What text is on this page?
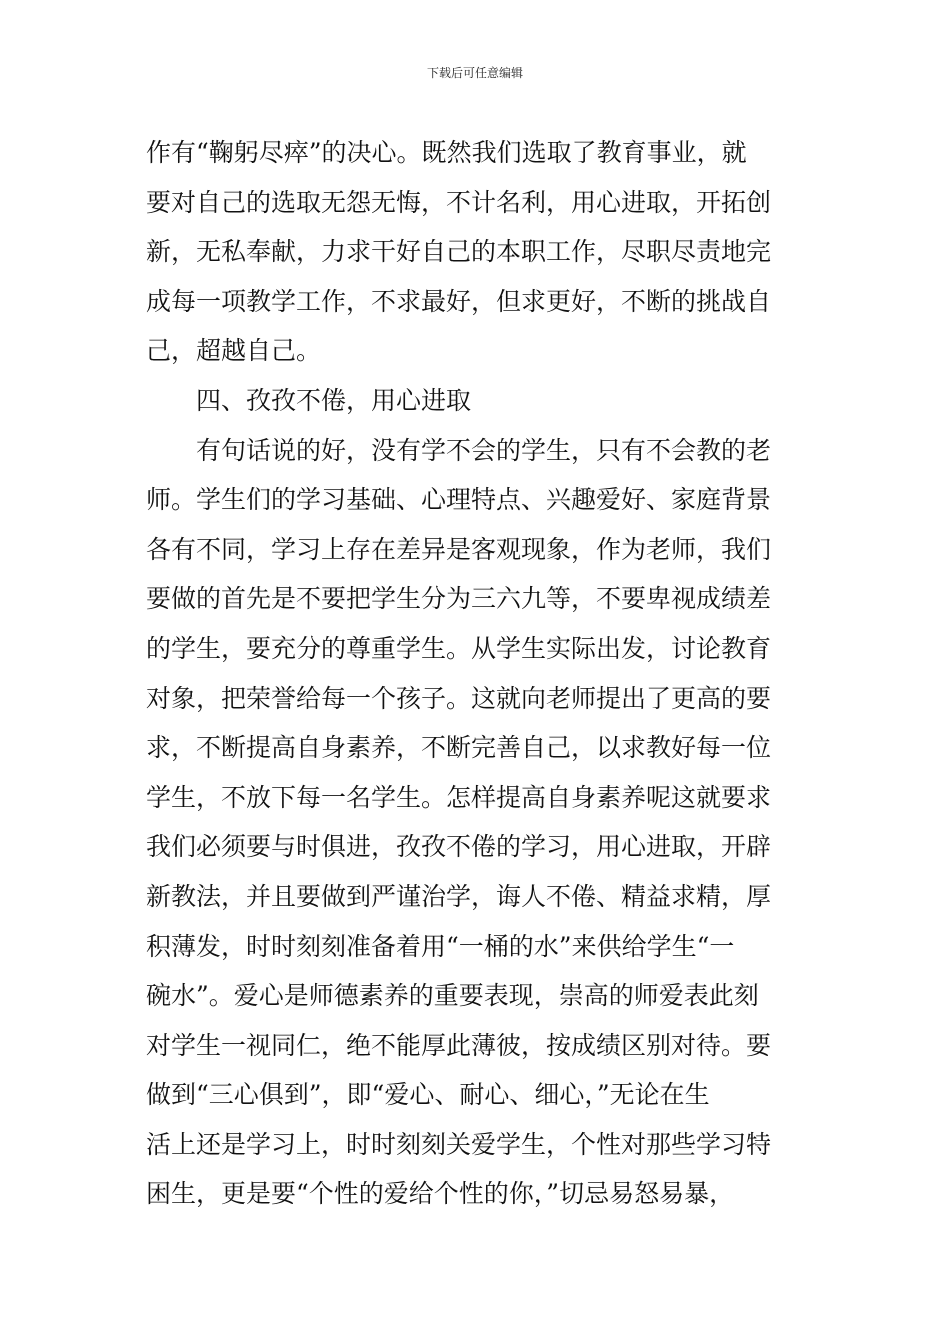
下载后可任意编辑
作有“鞠躬尽瘁”的决心。既然我们选取了教育事业，就
要对自己的选取无怨无悔，不计名利，用心进取，开拓创
新，无私奉献，力求干好自己的本职工作，尽职尽责地完
成每一项教学工作，不求最好，但求更好，不断的挑战自
己，超越自己。
四、孜孜不倦，用心进取
有句话说的好，没有学不会的学生，只有不会教的老
师。学生们的学习基础、心理特点、兴趣爱好、家庭背景
各有不同，学习上存在差异是客观现象，作为老师，我们
要做的首先是不要把学生分为三六九等，不要卑视成绩差
的学生，要充分的尊重学生。从学生实际出发，讨论教育
对象，把荣誉给每一个孩子。这就向老师提出了更高的要
求，不断提高自身素养，不断完善自己，以求教好每一位
学生，不放下每一名学生。怎样提高自身素养呢这就要求
我们必须要与时俱进，孜孜不倦的学习，用心进取，开辟
新教法，并且要做到严谨治学，诲人不倦、精益求精，厚
积薄发，时时刻刻准备着用“一桶的水”来供给学生“一
碗水”。爱心是师德素养的重要表现，崇高的师爱表此刻
对学生一视同仁，绝不能厚此薄彼，按成绩区别对待。要
做到“三心俱到”，即“爱心、耐心、细心，”无论在生
活上还是学习上，时时刻刻关爱学生，个性对那些学习特
困生，更是要“个性的爱给个性的你，”切忌易怒易暴，
